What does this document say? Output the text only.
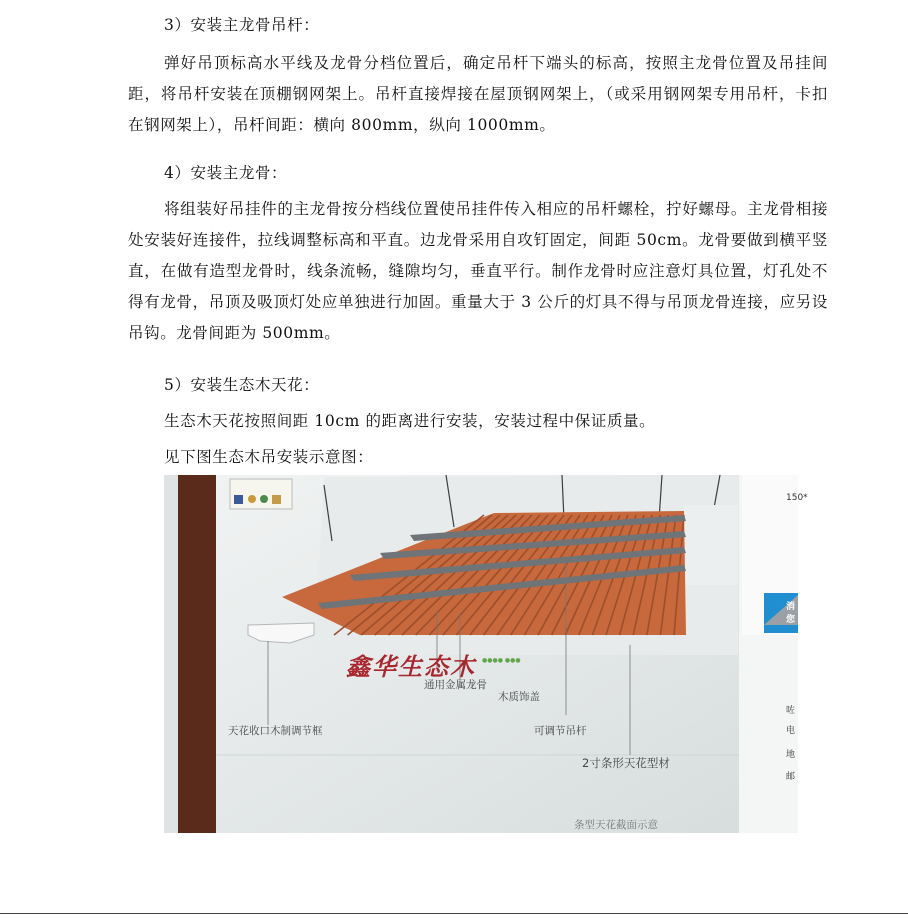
3）安装主龙骨吊杆：

弹好吊顶标高水平线及龙骨分档位置后，确定吊杆下端头的标高，按照主龙骨位置及吊挂间距，将吊杆安装在顶棚钢网架上。吊杆直接焊接在屋顶钢网架上，（或采用钢网架专用吊杆，卡扣在钢网架上），吊杆间距：横向 800mm，纵向 1000mm。

4）安装主龙骨：

将组装好吊挂件的主龙骨按分档线位置使吊挂件传入相应的吊杆螺栓，拧好螺母。主龙骨相接处安装好连接件，拉线调整标高和平直。边龙骨采用自攻钉固定，间距 50cm。龙骨要做到横平竖直，在做有造型龙骨时，线条流畅，缝隙均匀，垂直平行。制作龙骨时应注意灯具位置，灯孔处不得有龙骨，吊顶及吸顶灯处应单独进行加固。重量大于 3 公斤的灯具不得与吊顶龙骨连接，应另设吊钩。龙骨间距为 500mm。

5）安装生态木天花：

生态木天花按照间距 10cm 的距离进行安装，安装过程中保证质量。

见下图生态木吊安装示意图：

鑫华生态木 ●●●● ●●●
天花收口木制调节框
通用金属龙骨
木质饰盖
可调节吊杆
2寸条形天花型材
条型天花截面示意
150*
消您
咗
电
地
邮
